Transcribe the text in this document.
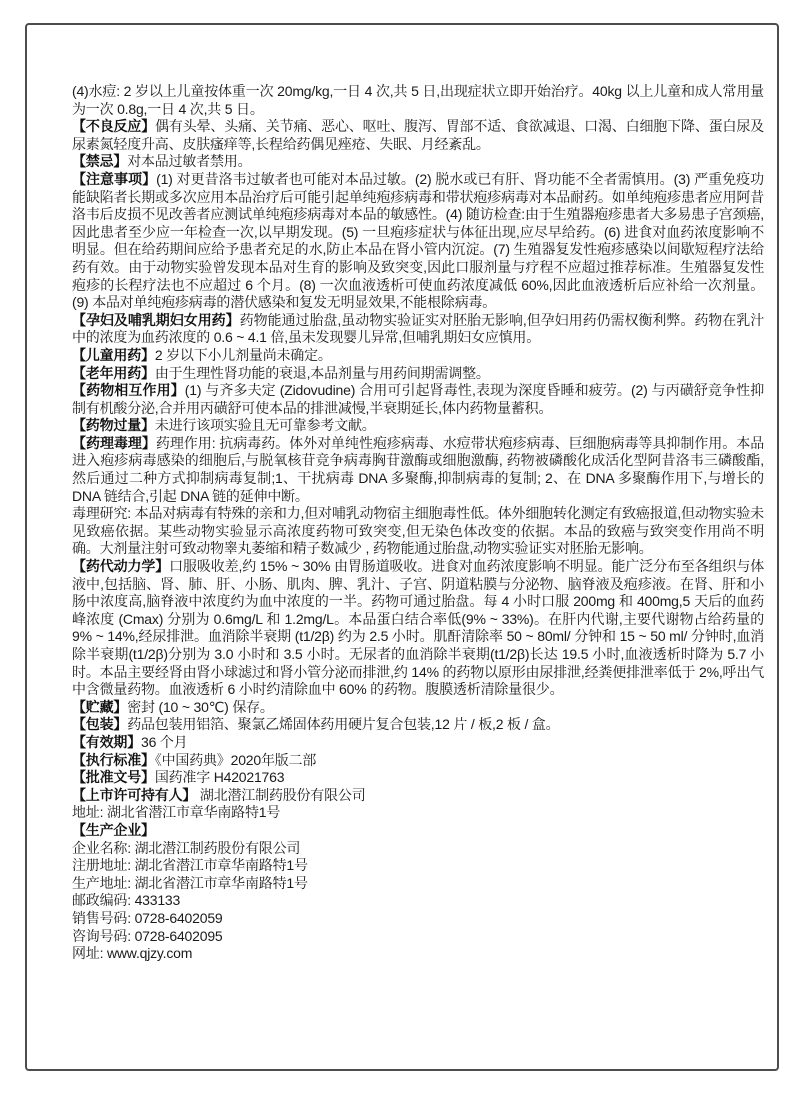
(4)水痘: 2 岁以上儿童按体重一次 20mg/kg,一日 4 次,共 5 日,出现症状立即开始治疗。40kg 以上儿童和成人常用量为一次 0.8g,一日 4 次,共 5 日。

【不良反应】偶有头晕、头痛、关节痛、恶心、呕吐、腹泻、胃部不适、食欲减退、口渴、白细胞下降、蛋白尿及尿素氮轻度升高、皮肤瘙痒等,长程给药偶见痤疮、失眠、月经紊乱。

【禁忌】对本品过敏者禁用。

【注意事项】(1) 对更昔洛韦过敏者也可能对本品过敏。(2) 脱水或已有肝、肾功能不全者需慎用。(3) 严重免疫功能缺陷者长期或多次应用本品治疗后可能引起单纯疱疹病毒和带状疱疹病毒对本品耐药。如单纯疱疹患者应用阿昔洛韦后皮损不见改善者应测试单纯疱疹病毒对本品的敏感性。(4) 随访检查:由于生殖器疱疹患者大多易患子宫颈癌,因此患者至少应一年检查一次,以早期发现。(5) 一旦疱疹症状与体征出现,应尽早给药。(6) 进食对血药浓度影响不明显。但在给药期间应给予患者充足的水,防止本品在肾小管内沉淀。(7) 生殖器复发性疱疹感染以间歇短程疗法给药有效。由于动物实验曾发现本品对生育的影响及致突变,因此口服剂量与疗程不应超过推荐标准。生殖器复发性疱疹的长程疗法也不应超过 6 个月。(8) 一次血液透析可使血药浓度减低 60%,因此血液透析后应补给一次剂量。(9) 本品对单纯疱疹病毒的潜伏感染和复发无明显效果,不能根除病毒。

【孕妇及哺乳期妇女用药】药物能通过胎盘,虽动物实验证实对胚胎无影响,但孕妇用药仍需权衡利弊。药物在乳汁中的浓度为血药浓度的 0.6 ~ 4.1 倍,虽未发现婴儿异常,但哺乳期妇女应慎用。

【儿童用药】2 岁以下小儿剂量尚未确定。

【老年用药】由于生理性肾功能的衰退,本品剂量与用药间期需调整。

【药物相互作用】(1) 与齐多夫定 (Zidovudine) 合用可引起肾毒性,表现为深度昏睡和疲劳。(2) 与丙磺舒竞争性抑制有机酸分泌,合并用丙磺舒可使本品的排泄减慢,半衰期延长,体内药物量蓄积。

【药物过量】未进行该项实验且无可靠参考文献。

【药理毒理】药理作用: 抗病毒药。体外对单纯性疱疹病毒、水痘带状疱疹病毒、巨细胞病毒等具抑制作用。本品进入疱疹病毒感染的细胞后,与脱氧核苷竞争病毒胸苷激酶或细胞激酶, 药物被磷酸化成活化型阿昔洛韦三磷酸酯, 然后通过二种方式抑制病毒复制;1、干扰病毒 DNA 多聚酶,抑制病毒的复制; 2、在 DNA 多聚酶作用下,与增长的 DNA 链结合,引起 DNA 链的延伸中断。

毒理研究: 本品对病毒有特殊的亲和力,但对哺乳动物宿主细胞毒性低。体外细胞转化测定有致癌报道,但动物实验未见致癌依据。某些动物实验显示高浓度药物可致突变,但无染色体改变的依据。本品的致癌与致突变作用尚不明确。大剂量注射可致动物睾丸萎缩和精子数减少 , 药物能通过胎盘,动物实验证实对胚胎无影响。

【药代动力学】口服吸收差,约 15% ~ 30% 由胃肠道吸收。进食对血药浓度影响不明显。能广泛分布至各组织与体液中,包括脑、肾、肺、肝、小肠、肌肉、脾、乳汁、子宫、阴道粘膜与分泌物、脑脊液及疱疹液。在肾、肝和小肠中浓度高,脑脊液中浓度约为血中浓度的一半。药物可通过胎盘。每 4 小时口服 200mg 和 400mg,5 天后的血药峰浓度 (Cmax) 分别为 0.6mg/L 和 1.2mg/L。本品蛋白结合率低(9% ~ 33%)。在肝内代谢,主要代谢物占给药量的 9% ~ 14%,经尿排泄。血消除半衰期 (t1/2β) 约为 2.5 小时。肌酐清除率 50 ~ 80ml/ 分钟和 15 ~ 50 ml/ 分钟时,血消除半衰期(t1/2β)分别为 3.0 小时和 3.5 小时。无尿者的血消除半衰期(t1/2β)长达 19.5 小时,血液透析时降为 5.7 小时。本品主要经肾由肾小球滤过和肾小管分泌而排泄,约 14% 的药物以原形由尿排泄,经粪便排泄率低于 2%,呼出气中含微量药物。血液透析 6 小时约清除血中 60% 的药物。腹膜透析清除量很少。

【贮藏】密封 (10 ~ 30℃) 保存。

【包装】药品包装用铝箔、聚氯乙烯固体药用硬片复合包装,12 片 / 板,2 板 / 盒。

【有效期】36 个月

【执行标准】《中国药典》2020年版二部

【批准文号】国药准字 H42021763

【上市许可持有人】 湖北潜江制药股份有限公司

地址: 湖北省潜江市章华南路特1号

【生产企业】

企业名称: 湖北潜江制药股份有限公司

注册地址: 湖北省潜江市章华南路特1号

生产地址: 湖北省潜江市章华南路特1号

邮政编码: 433133

销售号码: 0728-6402059

咨询号码: 0728-6402095

网址: www.qjzy.com
